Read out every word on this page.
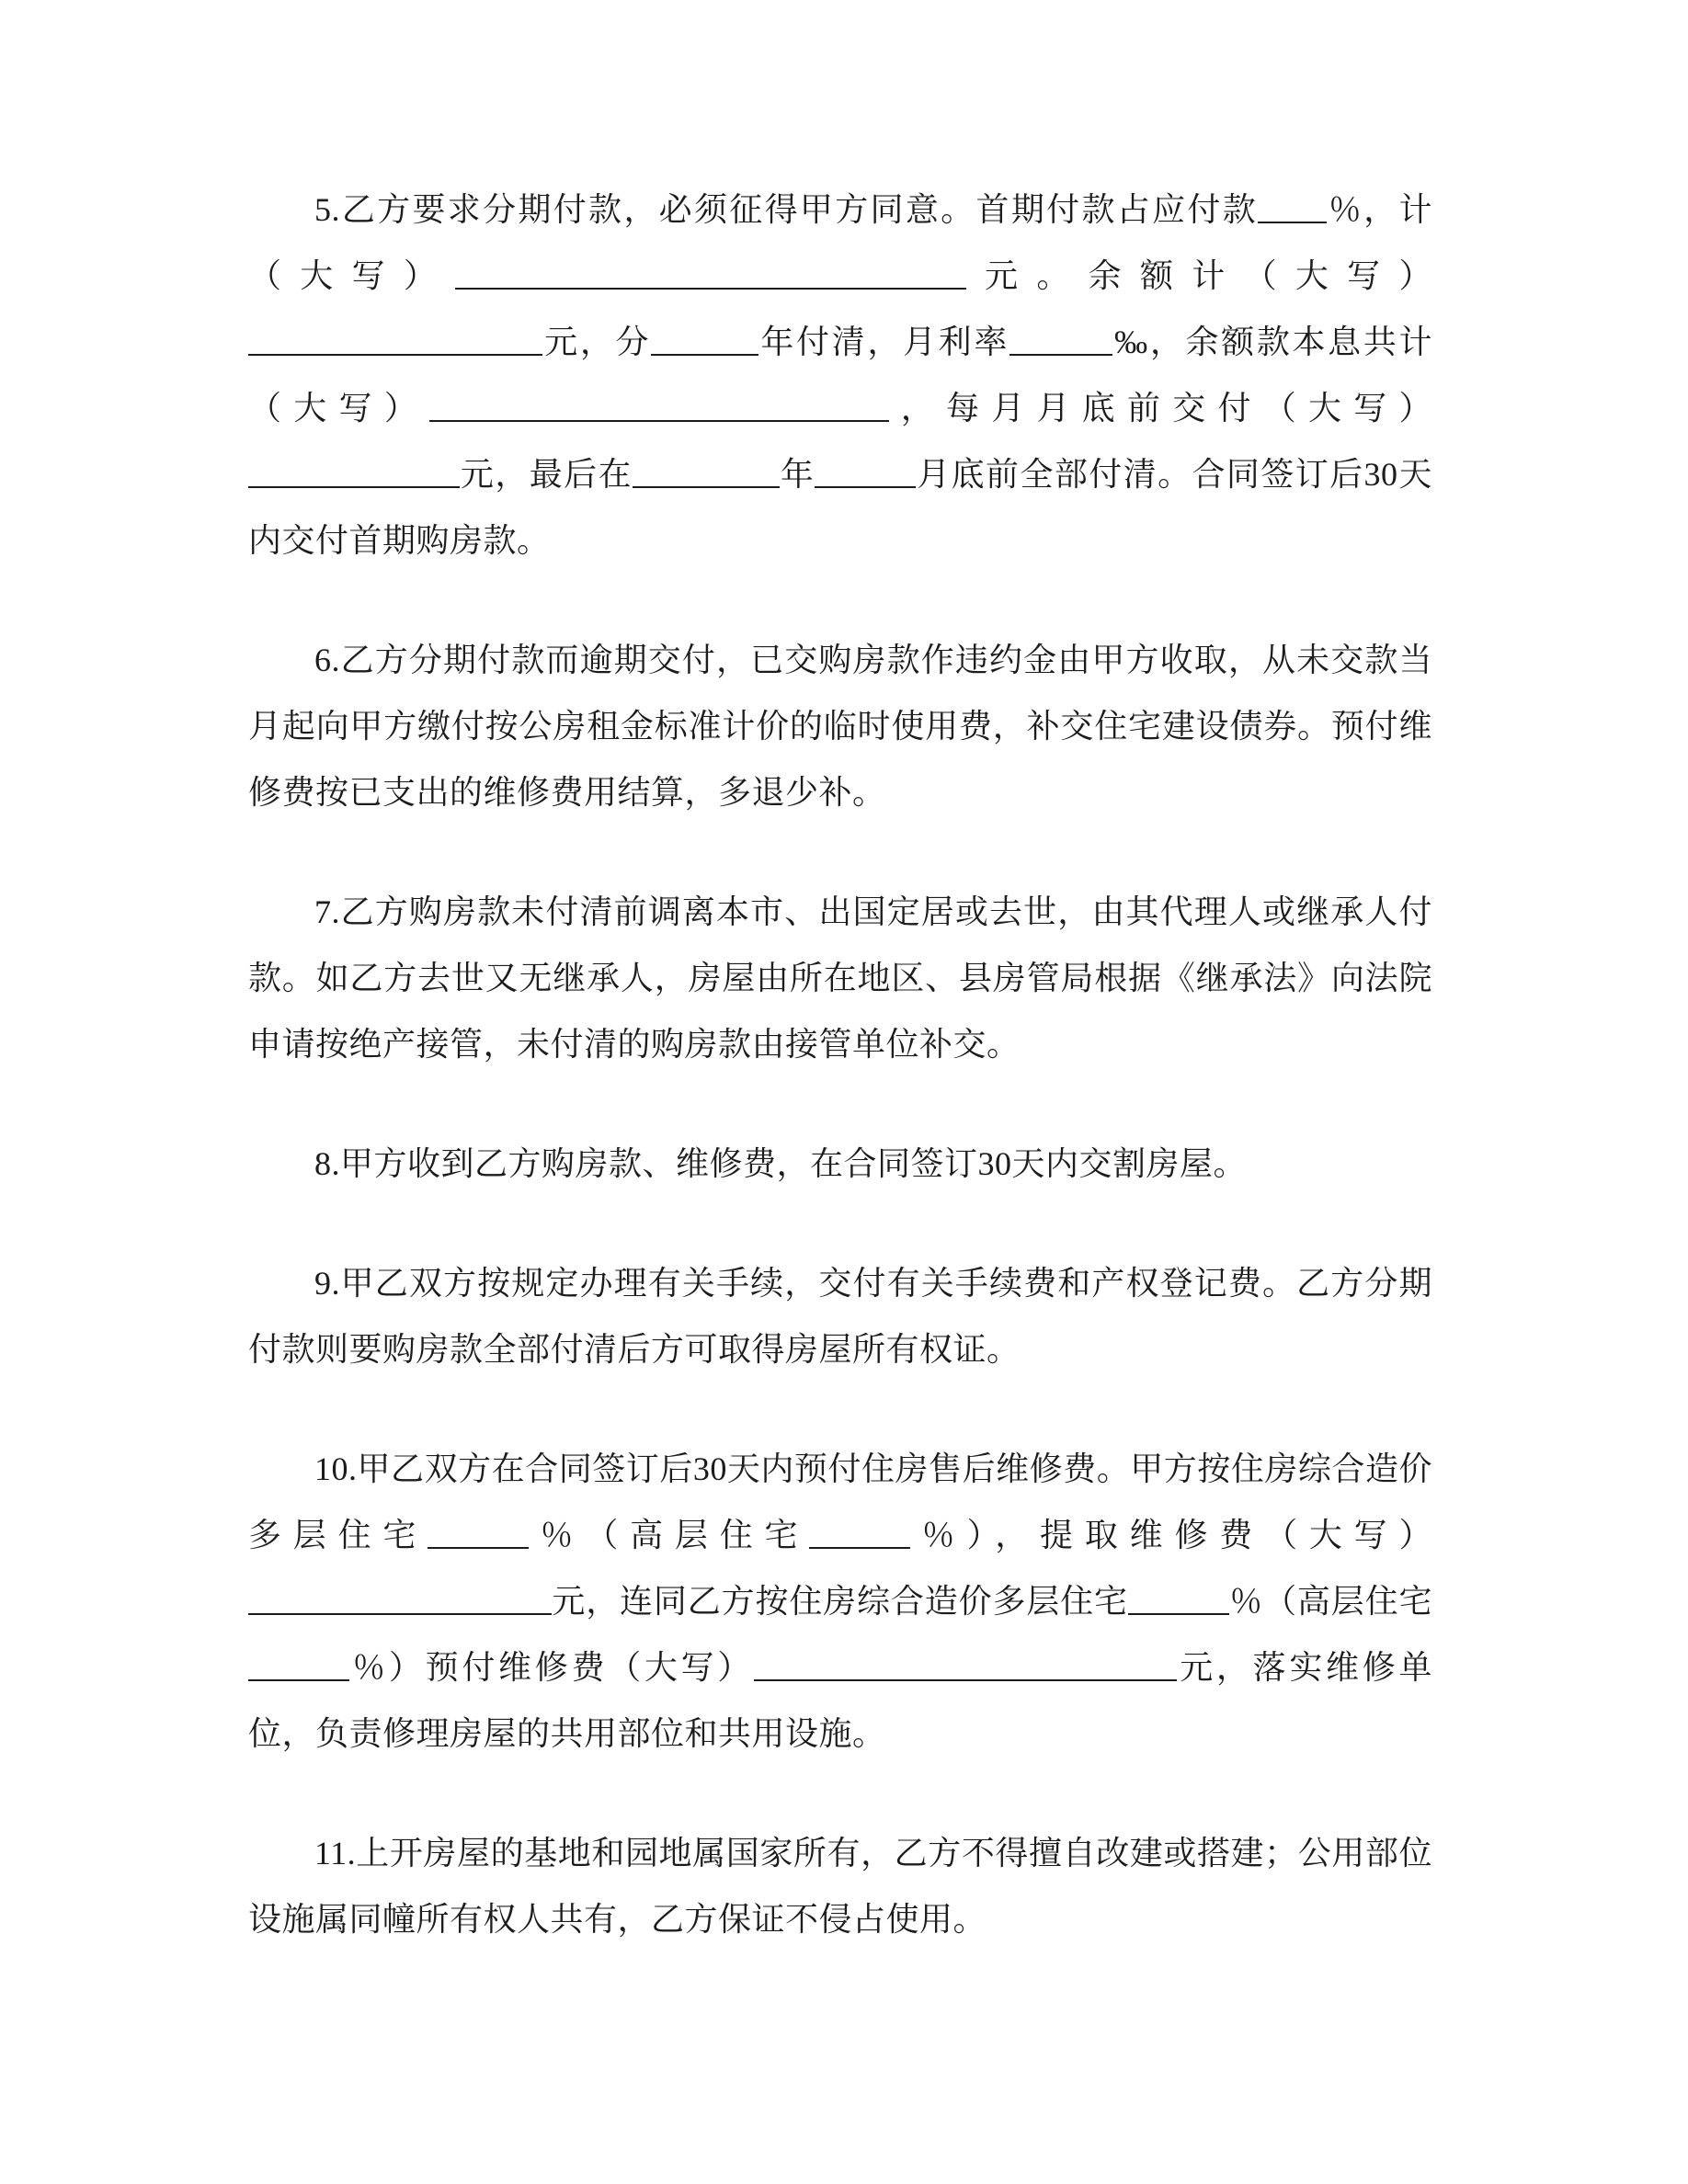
5.乙方要求分期付款，必须征得甲方同意。首期付款占应付款 ％，计（大写）	元。余额计（大写）元，分	年付清，月利率	‰，余额款本息共计（大写）	，每月月底前交付（大写）元，最后在	年	月底前全部付清。合同签订后30天内交付首期购房款。

6.乙方分期付款而逾期交付，已交购房款作违约金由甲方收取，从未交款当月起向甲方缴付按公房租金标准计价的临时使用费，补交住宅建设债券。预付维修费按已支出的维修费用结算，多退少补。

7.乙方购房款未付清前调离本市、出国定居或去世，由其代理人或继承人付款。如乙方去世又无继承人，房屋由所在地区、县房管局根据《继承法》向法院申请按绝产接管，未付清的购房款由接管单位补交。

8.甲方收到乙方购房款、维修费，在合同签订30天内交割房屋。

9.甲乙双方按规定办理有关手续，交付有关手续费和产权登记费。乙方分期付款则要购房款全部付清后方可取得房屋所有权证。

10.甲乙双方在合同签订后30天内预付住房售后维修费。甲方按住房综合造价多层住宅	％（高层住宅	％），提取维修费（大写）元，连同乙方按住房综合造价多层住宅	％（高层住宅％）预付维修费（大写）	元，落实维修单位，负责修理房屋的共用部位和共用设施。

11.上开房屋的基地和园地属国家所有，乙方不得擅自改建或搭建；公用部位设施属同幢所有权人共有，乙方保证不侵占使用。
